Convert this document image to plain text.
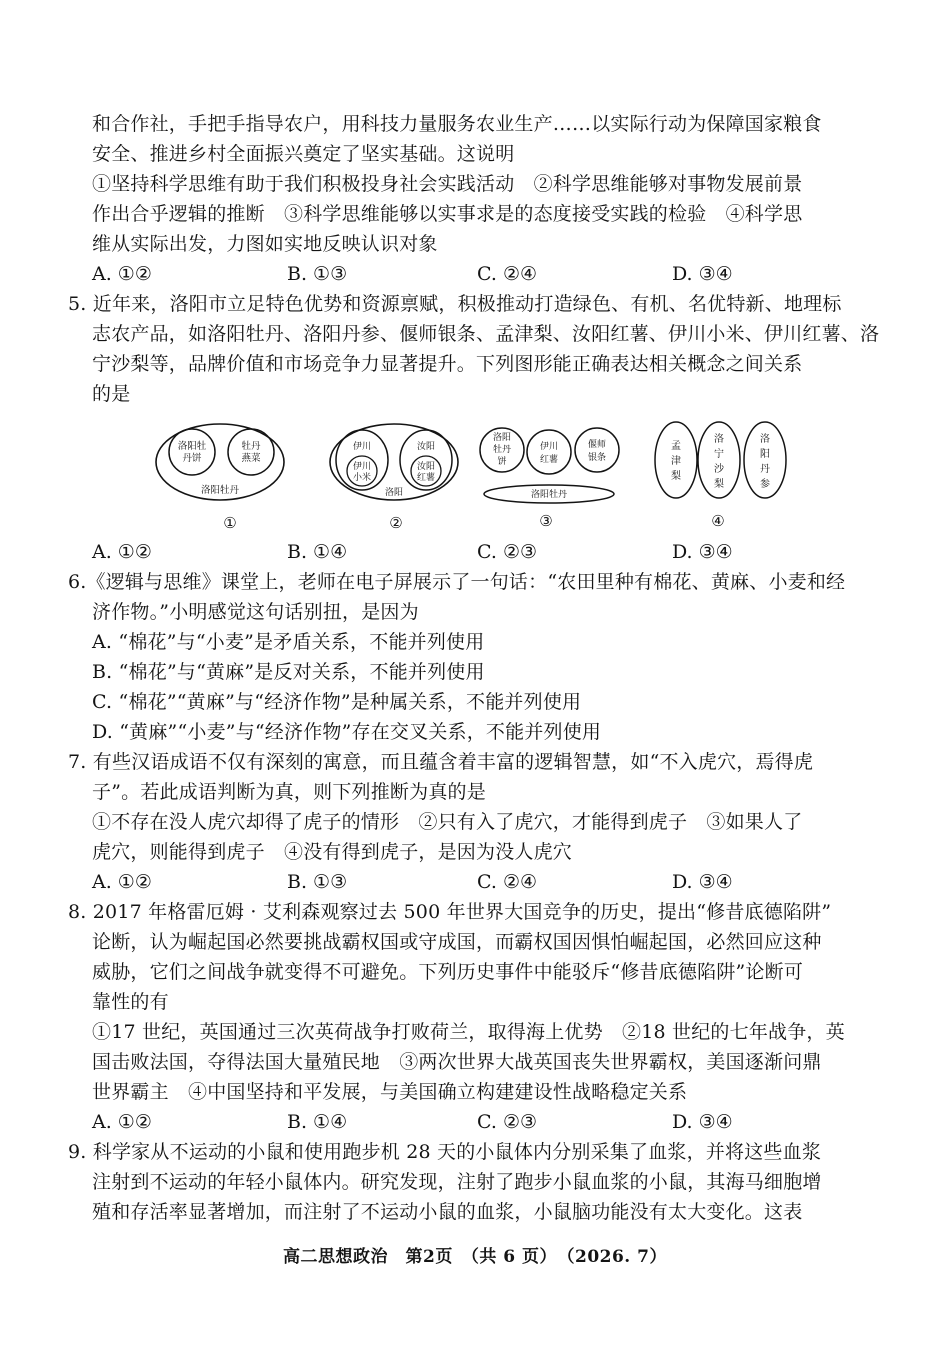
和合作社，手把手指导农户，用科技力量服务农业生产……以实际行动为保障国家粮食
安全、推进乡村全面振兴奠定了坚实基础。这说明
①坚持科学思维有助于我们积极投身社会实践活动　②科学思维能够对事物发展前景
作出合乎逻辑的推断　③科学思维能够以实事求是的态度接受实践的检验　④科学思
维从实际出发，力图如实地反映认识对象
A. ①②	B. ①③	C. ②④	D. ③④
5. 近年来，洛阳市立足特色优势和资源禀赋，积极推动打造绿色、有机、名优特新、地理标
志农产品，如洛阳牡丹、洛阳丹参、偃师银条、孟津梨、汝阳红薯、伊川小米、伊川红薯、洛
宁沙梨等，品牌价值和市场竞争力显著提升。下列图形能正确表达相关概念之间关系
的是
洛阳牡
丹饼
牡丹
燕菜
洛阳牡丹
①
伊川
伊川
小米
汝阳
汝阳
红薯
洛阳
②
洛阳
牡丹
饼
伊川
红薯
偃师
银条
洛阳牡丹
③
孟
津
梨
洛
宁
沙
梨
洛
阳
丹
参
④
A. ①②	B. ①④	C. ②③	D. ③④
6.《逻辑与思维》课堂上，老师在电子屏展示了一句话：“农田里种有棉花、黄麻、小麦和经
济作物。”小明感觉这句话别扭，是因为
A. “棉花”与“小麦”是矛盾关系，不能并列使用
B. “棉花”与“黄麻”是反对关系，不能并列使用
C. “棉花”“黄麻”与“经济作物”是种属关系，不能并列使用
D. “黄麻”“小麦”与“经济作物”存在交叉关系，不能并列使用
7. 有些汉语成语不仅有深刻的寓意，而且蕴含着丰富的逻辑智慧，如“不入虎穴，焉得虎
子”。若此成语判断为真，则下列推断为真的是
①不存在没人虎穴却得了虎子的情形　②只有入了虎穴，才能得到虎子　③如果人了
虎穴，则能得到虎子　④没有得到虎子，是因为没人虎穴
A. ①②	B. ①③	C. ②④	D. ③④
8. 2017 年格雷厄姆 · 艾利森观察过去 500 年世界大国竞争的历史，提出“修昔底德陷阱”
论断，认为崛起国必然要挑战霸权国或守成国，而霸权国因惧怕崛起国，必然回应这种
威胁，它们之间战争就变得不可避免。下列历史事件中能驳斥“修昔底德陷阱”论断可
靠性的有
①17 世纪，英国通过三次英荷战争打败荷兰，取得海上优势　②18 世纪的七年战争，英
国击败法国，夺得法国大量殖民地　③两次世界大战英国丧失世界霸权，美国逐渐问鼎
世界霸主　④中国坚持和平发展，与美国确立构建建设性战略稳定关系
A. ①②	B. ①④	C. ②③	D. ③④
9. 科学家从不运动的小鼠和使用跑步机 28 天的小鼠体内分别采集了血浆，并将这些血浆
注射到不运动的年轻小鼠体内。研究发现，注射了跑步小鼠血浆的小鼠，其海马细胞增
殖和存活率显著增加，而注射了不运动小鼠的血浆，小鼠脑功能没有太大变化。这表
高二思想政治　第2页　（共 6 页）　（2026. 7）
